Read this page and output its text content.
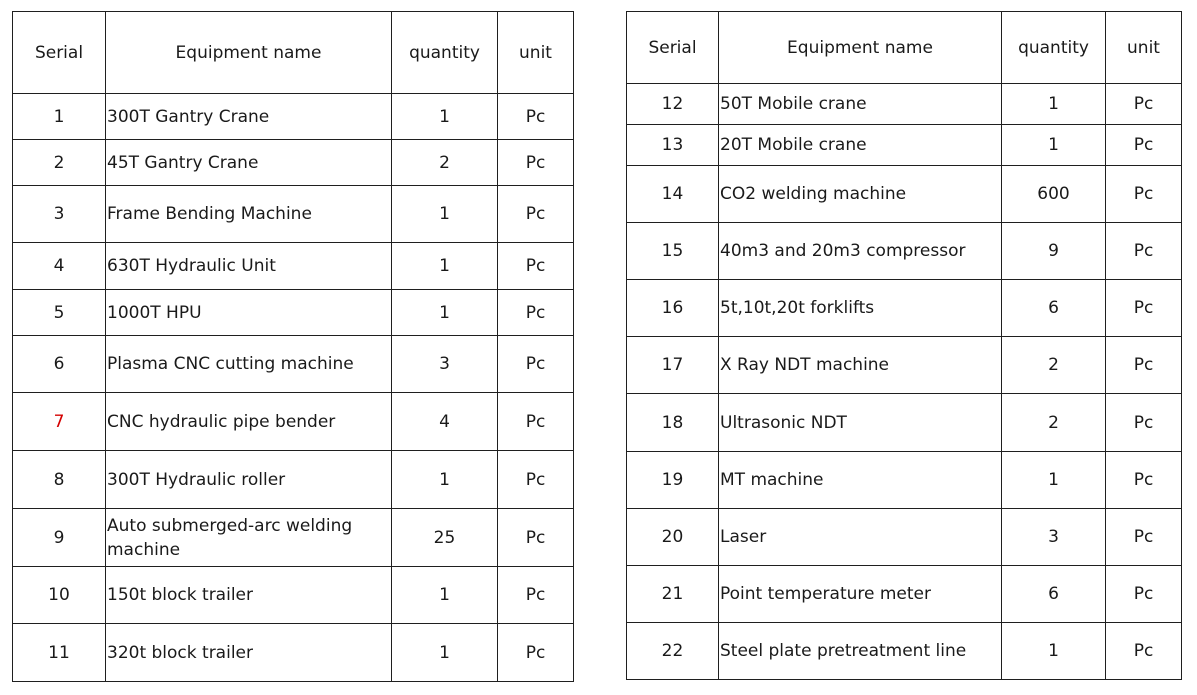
Serial	Equipment name	quantity	unit
1	300T Gantry Crane	1	Pc
2	45T Gantry Crane	2	Pc
3	Frame Bending Machine	1	Pc
4	630T Hydraulic Unit	1	Pc
5	1000T HPU	1	Pc
6	Plasma CNC cutting machine	3	Pc
7	CNC hydraulic pipe bender	4	Pc
8	300T Hydraulic roller	1	Pc
9	Auto submerged-arc welding machine	25	Pc
10	150t block trailer	1	Pc
11	320t block trailer	1	Pc
Serial	Equipment name	quantity	unit
12	50T Mobile crane	1	Pc
13	20T Mobile crane	1	Pc
14	CO2 welding machine	600	Pc
15	40m3 and 20m3 compressor	9	Pc
16	5t,10t,20t forklifts	6	Pc
17	X Ray NDT machine	2	Pc
18	Ultrasonic NDT	2	Pc
19	MT machine	1	Pc
20	Laser	3	Pc
21	Point temperature meter	6	Pc
22	Steel plate pretreatment line	1	Pc
